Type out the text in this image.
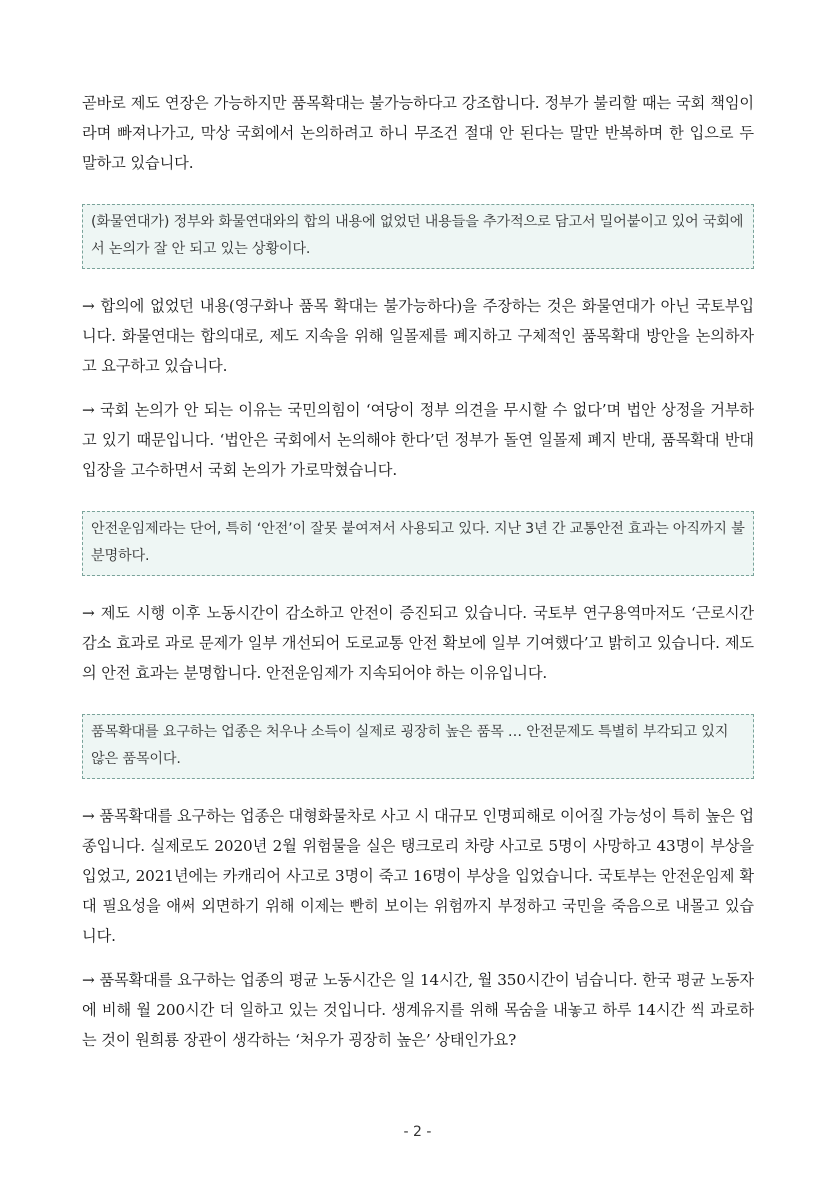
곧바로 제도 연장은 가능하지만 품목확대는 불가능하다고 강조합니다. 정부가 불리할 때는 국회 책임이라며 빠져나가고, 막상 국회에서 논의하려고 하니 무조건 절대 안 된다는 말만 반복하며 한 입으로 두 말하고 있습니다.

(화물연대가) 정부와 화물연대와의 합의 내용에 없었던 내용들을 추가적으로 담고서 밀어붙이고 있어 국회에서 논의가 잘 안 되고 있는 상황이다.

→ 합의에 없었던 내용(영구화나 품목 확대는 불가능하다)을 주장하는 것은 화물연대가 아닌 국토부입니다. 화물연대는 합의대로, 제도 지속을 위해 일몰제를 폐지하고 구체적인 품목확대 방안을 논의하자고 요구하고 있습니다.

→ 국회 논의가 안 되는 이유는 국민의힘이 ‘여당이 정부 의견을 무시할 수 없다’며 법안 상정을 거부하고 있기 때문입니다. ‘법안은 국회에서 논의해야 한다’던 정부가 돌연 일몰제 폐지 반대, 품목확대 반대 입장을 고수하면서 국회 논의가 가로막혔습니다.

안전운임제라는 단어, 특히 ‘안전’이 잘못 붙여져서 사용되고 있다. 지난 3년 간 교통안전 효과는 아직까지 불분명하다.

→ 제도 시행 이후 노동시간이 감소하고 안전이 증진되고 있습니다. 국토부 연구용역마저도 ‘근로시간 감소 효과로 과로 문제가 일부 개선되어 도로교통 안전 확보에 일부 기여했다’고 밝히고 있습니다. 제도의 안전 효과는 분명합니다. 안전운임제가 지속되어야 하는 이유입니다.

품목확대를 요구하는 업종은 처우나 소득이 실제로 굉장히 높은 품목 … 안전문제도 특별히 부각되고 있지 않은 품목이다.

→ 품목확대를 요구하는 업종은 대형화물차로 사고 시 대규모 인명피해로 이어질 가능성이 특히 높은 업종입니다. 실제로도 2020년 2월 위험물을 실은 탱크로리 차량 사고로 5명이 사망하고 43명이 부상을 입었고, 2021년에는 카캐리어 사고로 3명이 죽고 16명이 부상을 입었습니다. 국토부는 안전운임제 확대 필요성을 애써 외면하기 위해 이제는 빤히 보이는 위험까지 부정하고 국민을 죽음으로 내몰고 있습니다.

→ 품목확대를 요구하는 업종의 평균 노동시간은 일 14시간, 월 350시간이 넘습니다. 한국 평균 노동자에 비해 월 200시간 더 일하고 있는 것입니다. 생계유지를 위해 목숨을 내놓고 하루 14시간 씩 과로하는 것이 원희룡 장관이 생각하는 ‘처우가 굉장히 높은’ 상태인가요?

- 2 -
